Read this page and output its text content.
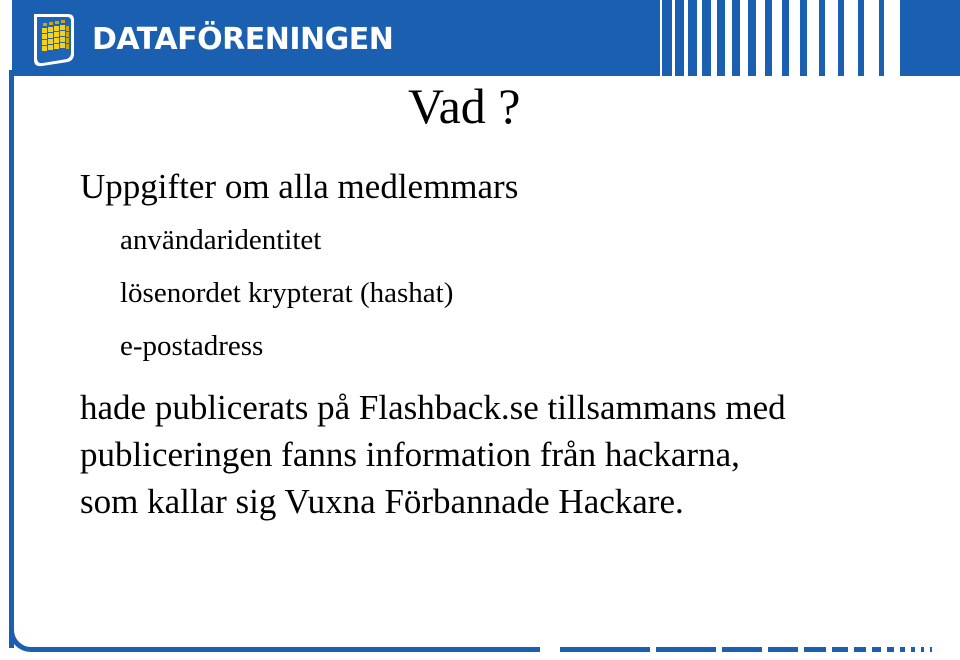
DATAFÖRENINGEN
Vad ?
Uppgifter om alla medlemmars
användaridentitet
lösenordet krypterat (hashat)
e-postadress
hade publicerats på Flashback.se tillsammans med
publiceringen fanns information från hackarna,
som kallar sig Vuxna Förbannade Hackare.
